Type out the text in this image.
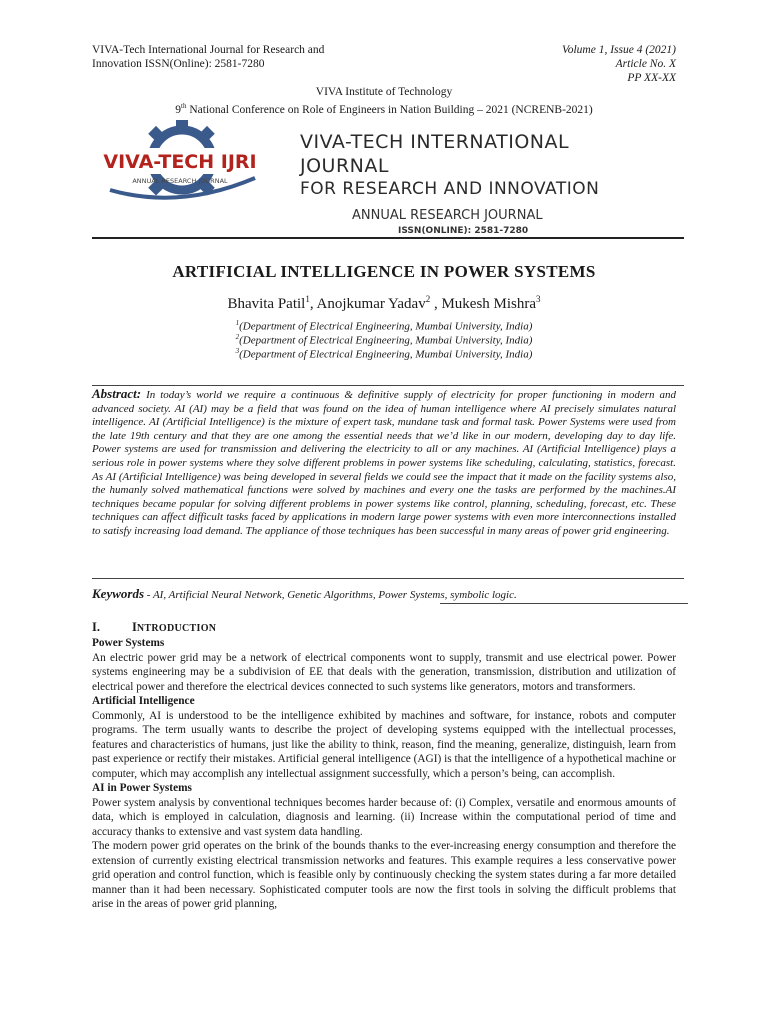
VIVA-Tech International Journal for Research and
Innovation ISSN(Online): 2581-7280
Volume 1, Issue 4 (2021)
Article No. X
PP XX-XX
VIVA Institute of Technology
9th National Conference on Role of Engineers in Nation Building – 2021 (NCRENB-2021)
VIVA-TECH IJRI
ANNUAL RESEARCH JOURNAL
VIVA-TECH INTERNATIONAL JOURNAL
FOR RESEARCH AND INNOVATION
ANNUAL RESEARCH JOURNAL
ISSN(ONLINE): 2581-7280
ARTIFICIAL INTELLIGENCE IN POWER SYSTEMS
Bhavita Patil$^1$, Anojkumar Yadav$^2$ , Mukesh Mishra$^3$
$^1$(Department of Electrical Engineering, Mumbai University, India)
$^2$(Department of Electrical Engineering, Mumbai University, India)
$^3$(Department of Electrical Engineering, Mumbai University, India)
Abstract: In today’s world we require a continuous & definitive supply of electricity for proper functioning in modern and advanced society. AI (AI) may be a field that was found on the idea of human intelligence where AI precisely simulates natural intelligence. AI (Artificial Intelligence) is the mixture of expert task, mundane task and formal task. Power Systems were used from the late 19th century and that they are one among the essential needs that we’d like in our modern, developing day to day life. Power systems are used for transmission and delivering the electricity to all or any machines. AI (Artificial Intelligence) plays a serious role in power systems where they solve different problems in power systems like scheduling, calculating, statistics, forecast. As AI (Artificial Intelligence) was being developed in several fields we could see the impact that it made on the facility systems also, the humanly solved mathematical functions were solved by machines and every one the tasks are performed by the machines.AI techniques became popular for solving different problems in power systems like control, planning, scheduling, forecast, etc. These techniques can affect difficult tasks faced by applications in modern large power systems with even more interconnections installed to satisfy increasing load demand. The appliance of those techniques has been successful in many areas of power grid engineering.
Keywords - AI, Artificial Neural Network, Genetic Algorithms, Power Systems, symbolic logic.
I.	INTRODUCTION
Power Systems

An electric power grid may be a network of electrical components wont to supply, transmit and use electrical power. Power systems engineering may be a subdivision of EE that deals with the generation, transmission, distribution and utilization of electrical power and therefore the electrical devices connected to such systems like generators, motors and transformers.

Artificial Intelligence

Commonly, AI is understood to be the intelligence exhibited by machines and software, for instance, robots and computer programs. The term usually wants to describe the project of developing systems equipped with the intellectual processes, features and characteristics of humans, just like the ability to think, reason, find the meaning, generalize, distinguish, learn from past experience or rectify their mistakes. Artificial general intelligence (AGI) is that the intelligence of a hypothetical machine or computer, which may accomplish any intellectual assignment successfully, which a person’s being, can accomplish.

AI in Power Systems

Power system analysis by conventional techniques becomes harder because of: (i) Complex, versatile and enormous amounts of data, which is employed in calculation, diagnosis and learning. (ii) Increase within the computational period of time and accuracy thanks to extensive and vast system data handling.

The modern power grid operates on the brink of the bounds thanks to the ever-increasing energy consumption and therefore the extension of currently existing electrical transmission networks and features. This example requires a less conservative power grid operation and control function, which is feasible only by continuously checking the system states during a far more detailed manner than it had been necessary. Sophisticated computer tools are now the first tools in solving the difficult problems that arise in the areas of power grid planning,
